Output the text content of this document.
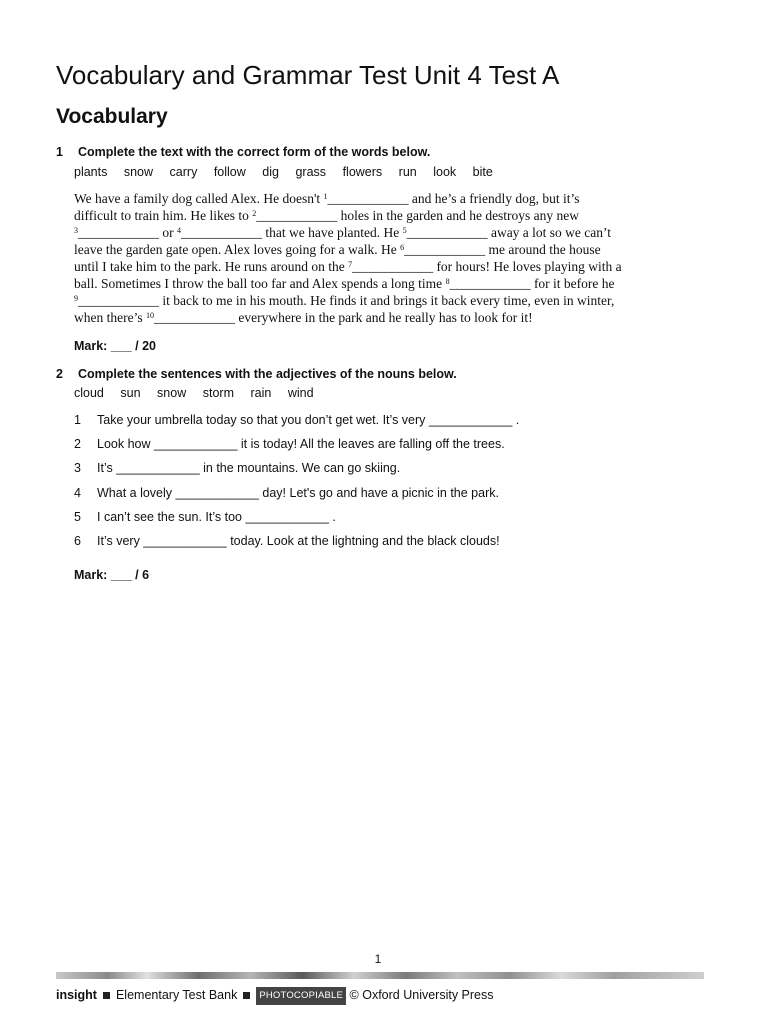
Vocabulary and Grammar Test Unit 4 Test A
Vocabulary
1 Complete the text with the correct form of the words below.
plants snow carry follow dig grass flowers run look bite
We have a family dog called Alex. He doesn't $^1$____________ and he’s a friendly dog, but it’s
difficult to train him. He likes to $^2$____________ holes in the garden and he destroys any new
$^3$____________ or $^4$____________ that we have planted. He $^5$____________ away a lot so we can’t
leave the garden gate open. Alex loves going for a walk. He $^6$____________ me around the house
until I take him to the park. He runs around on the $^7$____________ for hours! He loves playing with a
ball. Sometimes I throw the ball too far and Alex spends a long time $^8$____________ for it before he
$^9$____________ it back to me in his mouth. He finds it and brings it back every time, even in winter,
when there’s $^{10}$____________ everywhere in the park and he really has to look for it!
Mark: ___ / 20
2 Complete the sentences with the adjectives of the nouns below.
cloud sun snow storm rain wind
1 Take your umbrella today so that you don’t get wet. It’s very ____________ .
2 Look how ____________ it is today! All the leaves are falling off the trees.
3 It’s ____________ in the mountains. We can go skiing.
4 What a lovely ____________ day! Let's go and have a picnic in the park.
5 I can’t see the sun. It’s too ____________ .
6 It’s very ____________ today. Look at the lightning and the black clouds!
Mark: ___ / 6
1
insight Elementary Test Bank PHOTOCOPIABLE © Oxford University Press
